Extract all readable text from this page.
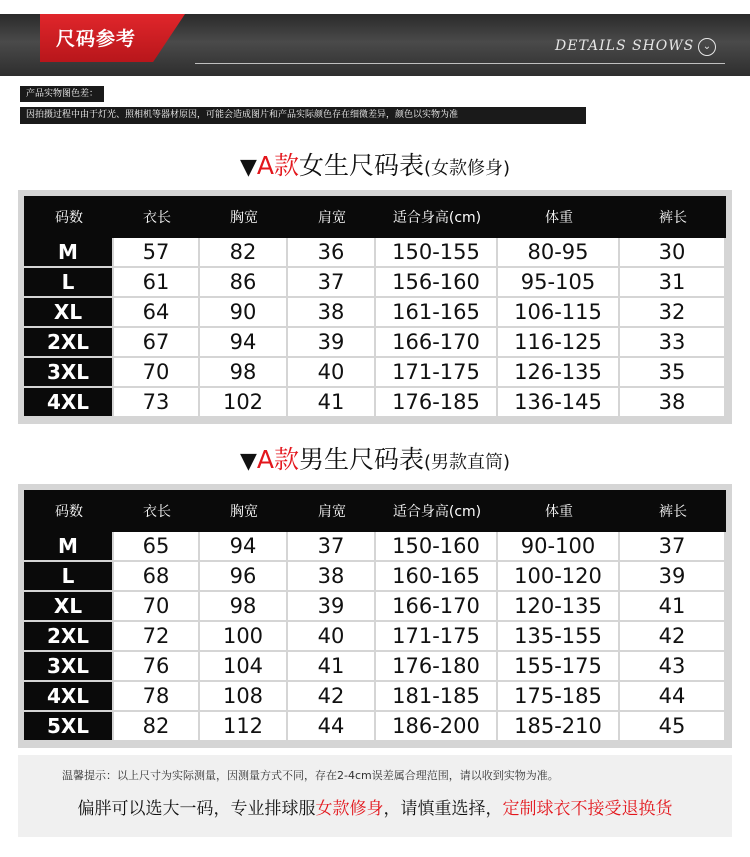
尺码参考	DETAILS SHOWS ⌄
产品实物图色差：
因拍摄过程中由于灯光、照相机等器材原因，可能会造成图片和产品实际颜色存在细微差异，颜色以实物为准
▼A款女生尺码表(女款修身)
码数	衣长	胸宽	肩宽	适合身高(cm)	体重	裤长
M	57	82	36	150-155	80-95	30
L	61	86	37	156-160	95-105	31
XL	64	90	38	161-165	106-115	32
2XL	67	94	39	166-170	116-125	33
3XL	70	98	40	171-175	126-135	35
4XL	73	102	41	176-185	136-145	38
▼A款男生尺码表(男款直筒)
码数	衣长	胸宽	肩宽	适合身高(cm)	体重	裤长
M	65	94	37	150-160	90-100	37
L	68	96	38	160-165	100-120	39
XL	70	98	39	166-170	120-135	41
2XL	72	100	40	171-175	135-155	42
3XL	76	104	41	176-180	155-175	43
4XL	78	108	42	181-185	175-185	44
5XL	82	112	44	186-200	185-210	45
温馨提示：以上尺寸为实际测量，因测量方式不同，存在2-4cm误差属合理范围，请以收到实物为准。
偏胖可以选大一码，专业排球服女款修身，请慎重选择，定制球衣不接受退换货
